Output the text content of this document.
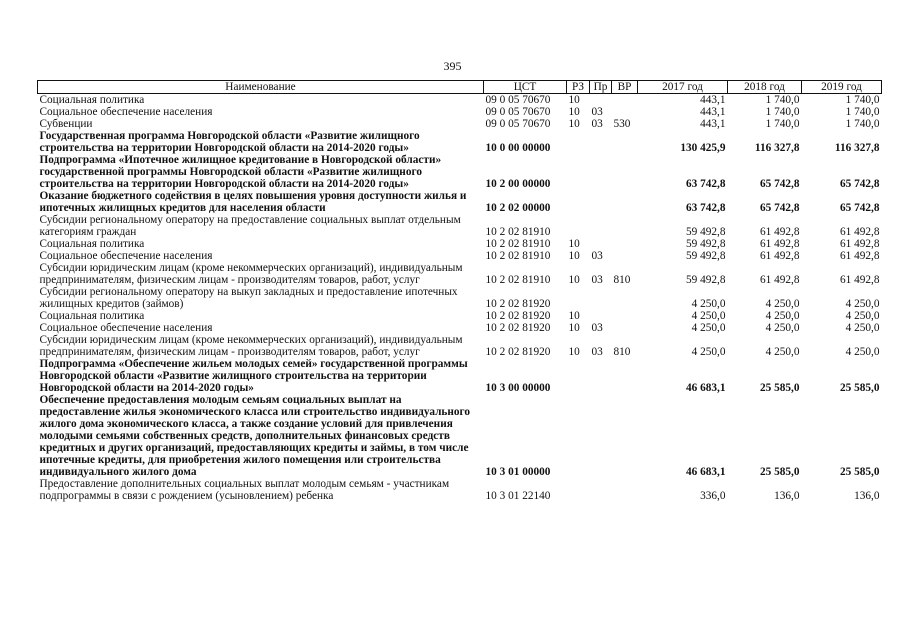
395
Наименование	ЦСТ	РЗ	Пр	ВР	2017 год	2018 год	2019 год
Социальная политика	09 0 05 70670	10			443,1	1 740,0	1 740,0
Социальное обеспечение населения	09 0 05 70670	10	03		443,1	1 740,0	1 740,0
Субвенции	09 0 05 70670	10	03	530	443,1	1 740,0	1 740,0
Государственная программа Новгородской области «Развитие жилищного строительства на территории Новгородской области на 2014-2020 годы»	10 0 00 00000				130 425,9	116 327,8	116 327,8
Подпрограмма «Ипотечное жилищное кредитование в Новгородской области» государственной программы Новгородской области «Развитие жилищного строительства на территории Новгородской области на 2014-2020 годы»	10 2 00 00000				63 742,8	65 742,8	65 742,8
Оказание бюджетного содействия в целях повышения уровня доступности жилья и ипотечных жилищных кредитов для населения области	10 2 02 00000				63 742,8	65 742,8	65 742,8
Субсидии региональному оператору на предоставление социальных выплат отдельным категориям граждан	10 2 02 81910				59 492,8	61 492,8	61 492,8
Социальная политика	10 2 02 81910	10			59 492,8	61 492,8	61 492,8
Социальное обеспечение населения	10 2 02 81910	10	03		59 492,8	61 492,8	61 492,8
Субсидии юридическим лицам (кроме некоммерческих организаций), индивидуальным предпринимателям, физическим лицам - производителям товаров, работ, услуг	10 2 02 81910	10	03	810	59 492,8	61 492,8	61 492,8
Субсидии региональному оператору на выкуп закладных и предоставление ипотечных жилищных кредитов (займов)	10 2 02 81920				4 250,0	4 250,0	4 250,0
Социальная политика	10 2 02 81920	10			4 250,0	4 250,0	4 250,0
Социальное обеспечение населения	10 2 02 81920	10	03		4 250,0	4 250,0	4 250,0
Субсидии юридическим лицам (кроме некоммерческих организаций), индивидуальным предпринимателям, физическим лицам - производителям товаров, работ, услуг	10 2 02 81920	10	03	810	4 250,0	4 250,0	4 250,0
Подпрограмма «Обеспечение жильем молодых семей» государственной программы Новгородской области «Развитие жилищного строительства на территории Новгородской области на 2014-2020 годы»	10 3 00 00000				46 683,1	25 585,0	25 585,0
Обеспечение предоставления молодым семьям социальных выплат на предоставление жилья экономического класса или строительство индивидуального жилого дома экономического класса, а также создание условий для привлечения молодыми семьями собственных средств, дополнительных финансовых средств кредитных и других организаций, предоставляющих кредиты и займы, в том числе ипотечные кредиты, для приобретения жилого помещения или строительства индивидуального жилого дома	10 3 01 00000				46 683,1	25 585,0	25 585,0
Предоставление дополнительных социальных выплат молодым семьям - участникам подпрограммы в связи с рождением (усыновлением) ребенка	10 3 01 22140				336,0	136,0	136,0
